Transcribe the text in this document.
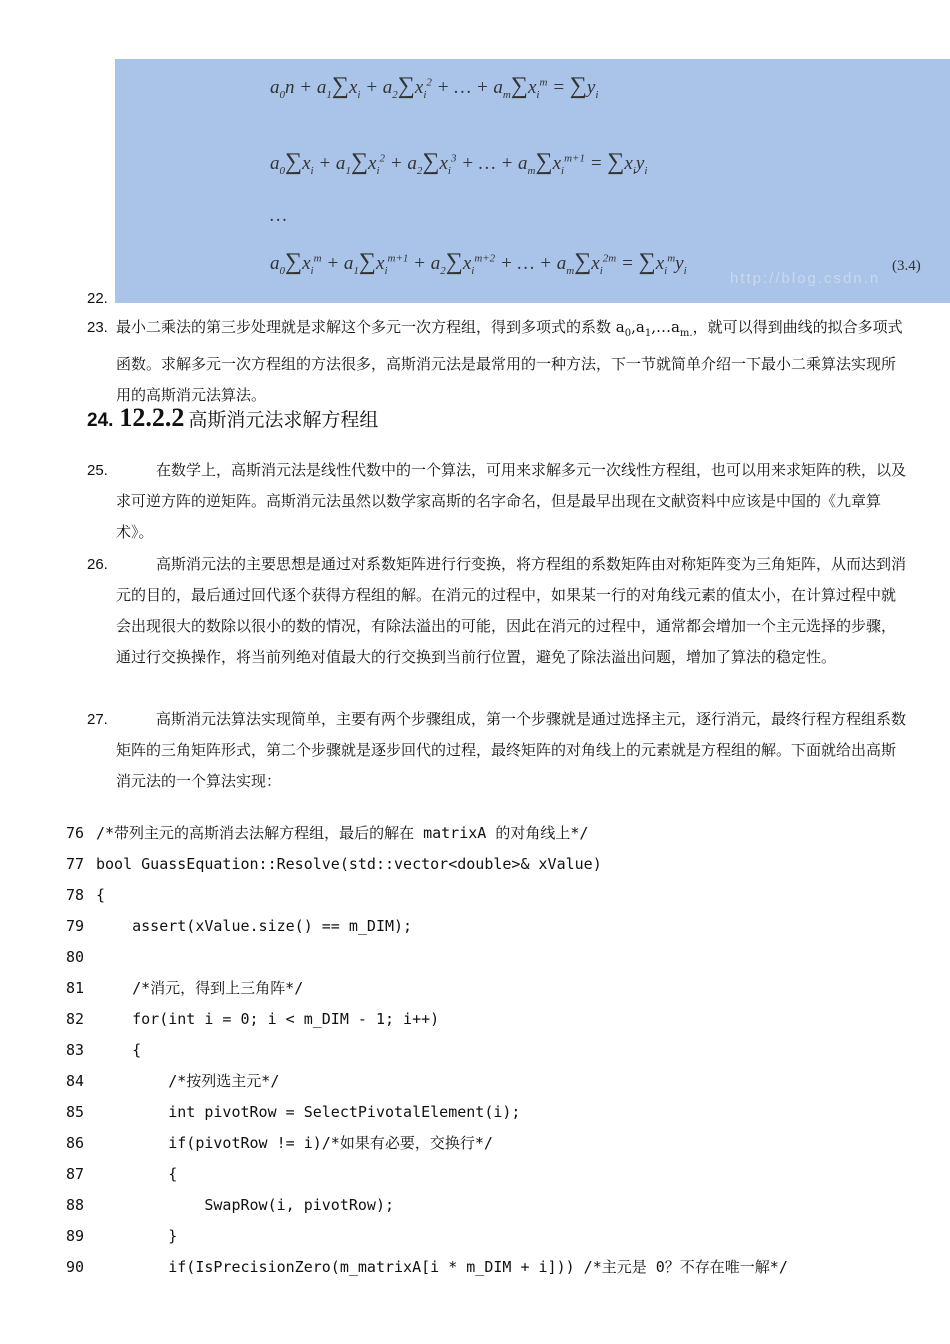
22.
$a_0n + a_1\sum x_i + a_2\sum x_i^2$ + … + $a_m\sum x_i^m = \sum y_i$
$a_0\sum x_i + a_1\sum x_i^2 + a_2\sum x_i^3$ + … + $a_m\sum x_i^{m+1} = \sum x_iy_i$
…
$a_0\sum x_i^m + a_1\sum x_i^{m+1} + a_2\sum x_i^{m+2}$ + … + $a_m\sum x_i^{2m} = \sum x_i^my_i$	(3.4)
http://blog.csdn.n
23. 最小二乘法的第三步处理就是求解这个多元一次方程组，得到多项式的系数 $a_0,a_1,\dots a_{m.}$，就可以得到曲线的拟合多项式函数。求解多元一次方程组的方法很多，高斯消元法是最常用的一种方法，下一节就简单介绍一下最小二乘算法实现所用的高斯消元法算法。

24. 12.2.2 高斯消元法求解方程组
25.	在数学上，高斯消元法是线性代数中的一个算法，可用来求解多元一次线性方程组，也可以用来求矩阵的秩，以及求可逆方阵的逆矩阵。高斯消元法虽然以数学家高斯的名字命名，但是最早出现在文献资料中应该是中国的《九章算术》。

26.	高斯消元法的主要思想是通过对系数矩阵进行行变换，将方程组的系数矩阵由对称矩阵变为三角矩阵，从而达到消元的目的，最后通过回代逐个获得方程组的解。在消元的过程中，如果某一行的对角线元素的值太小，在计算过程中就会出现很大的数除以很小的数的情况，有除法溢出的可能，因此在消元的过程中，通常都会增加一个主元选择的步骤，通过行交换操作，将当前列绝对值最大的行交换到当前行位置，避免了除法溢出问题，增加了算法的稳定性。

27.	高斯消元法算法实现简单，主要有两个步骤组成，第一个步骤就是通过选择主元，逐行消元，最终行程方程组系数矩阵的三角矩阵形式，第二个步骤就是逐步回代的过程，最终矩阵的对角线上的元素就是方程组的解。下面就给出高斯消元法的一个算法实现：

76 /*带列主元的高斯消去法解方程组，最后的解在 matrixA 的对角线上*/
77 bool GuassEquation::Resolve(std::vector<double>& xValue)
78 {
79    assert(xValue.size() == m_DIM);
80
81    /*消元，得到上三角阵*/
82    for(int i = 0; i < m_DIM - 1; i++)
83    {
84        /*按列选主元*/
85        int pivotRow = SelectPivotalElement(i);
86        if(pivotRow != i)/*如果有必要，交换行*/
87        {
88            SwapRow(i, pivotRow);
89        }
90        if(IsPrecisionZero(m_matrixA[i * m_DIM + i])) /*主元是 0？不存在唯一解*/
